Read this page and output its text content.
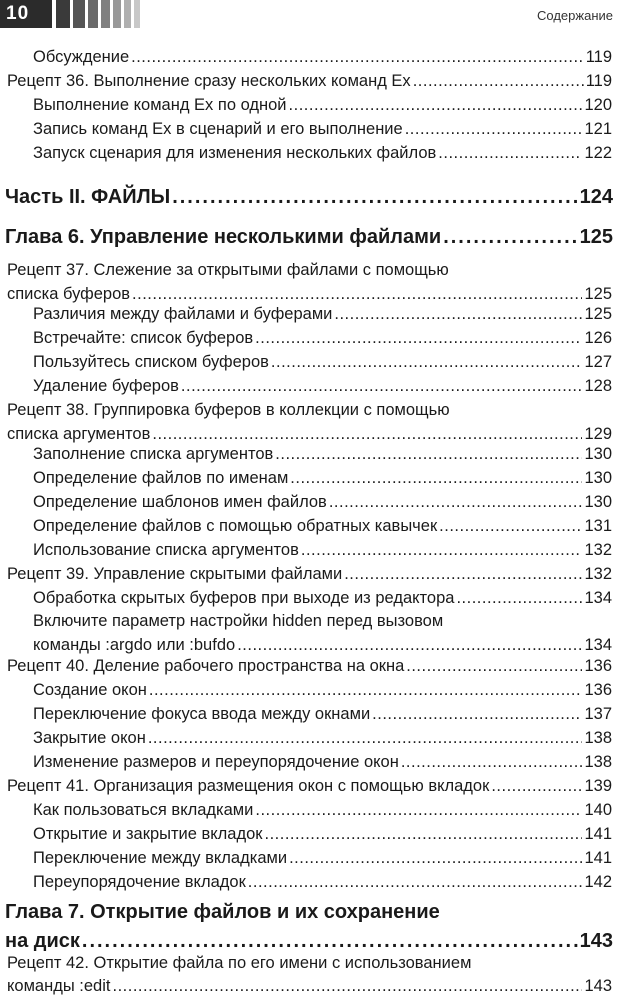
10	Содержание
Обсуждение .....	119
Рецепт 36. Выполнение сразу нескольких команд Ex .....	119
Выполнение команд Ex по одной .....	120
Запись команд Ex в сценарий и его выполнение .....	121
Запуск сценария для изменения нескольких файлов .....	122
Часть II. ФАЙЛЫ .....	124
Глава 6. Управление несколькими файлами .....	125
Рецепт 37. Слежение за открытыми файлами с помощью
списка буферов .....	125
Различия между файлами и буферами .....	125
Встречайте: список буферов .....	126
Пользуйтесь списком буферов .....	127
Удаление буферов .....	128
Рецепт 38. Группировка буферов в коллекции с помощью
списка аргументов .....	129
Заполнение списка аргументов .....	130
Определение файлов по именам .....	130
Определение шаблонов имен файлов .....	130
Определение файлов с помощью обратных кавычек .....	131
Использование списка аргументов .....	132
Рецепт 39. Управление скрытыми файлами .....	132
Обработка скрытых буферов при выходе из редактора .....	134
Включите параметр настройки hidden перед вызовом
команды :argdo или :bufdo .....	134
Рецепт 40. Деление рабочего пространства на окна .....	136
Создание окон .....	136
Переключение фокуса ввода между окнами .....	137
Закрытие окон .....	138
Изменение размеров и переупорядочение окон .....	138
Рецепт 41. Организация размещения окон с помощью вкладок .....	139
Как пользоваться вкладками .....	140
Открытие и закрытие вкладок .....	141
Переключение между вкладками .....	141
Переупорядочение вкладок .....	142
Глава 7. Открытие файлов и их сохранение
на диск .....	143
Рецепт 42. Открытие файла по его имени с использованием
команды :edit .....	143
